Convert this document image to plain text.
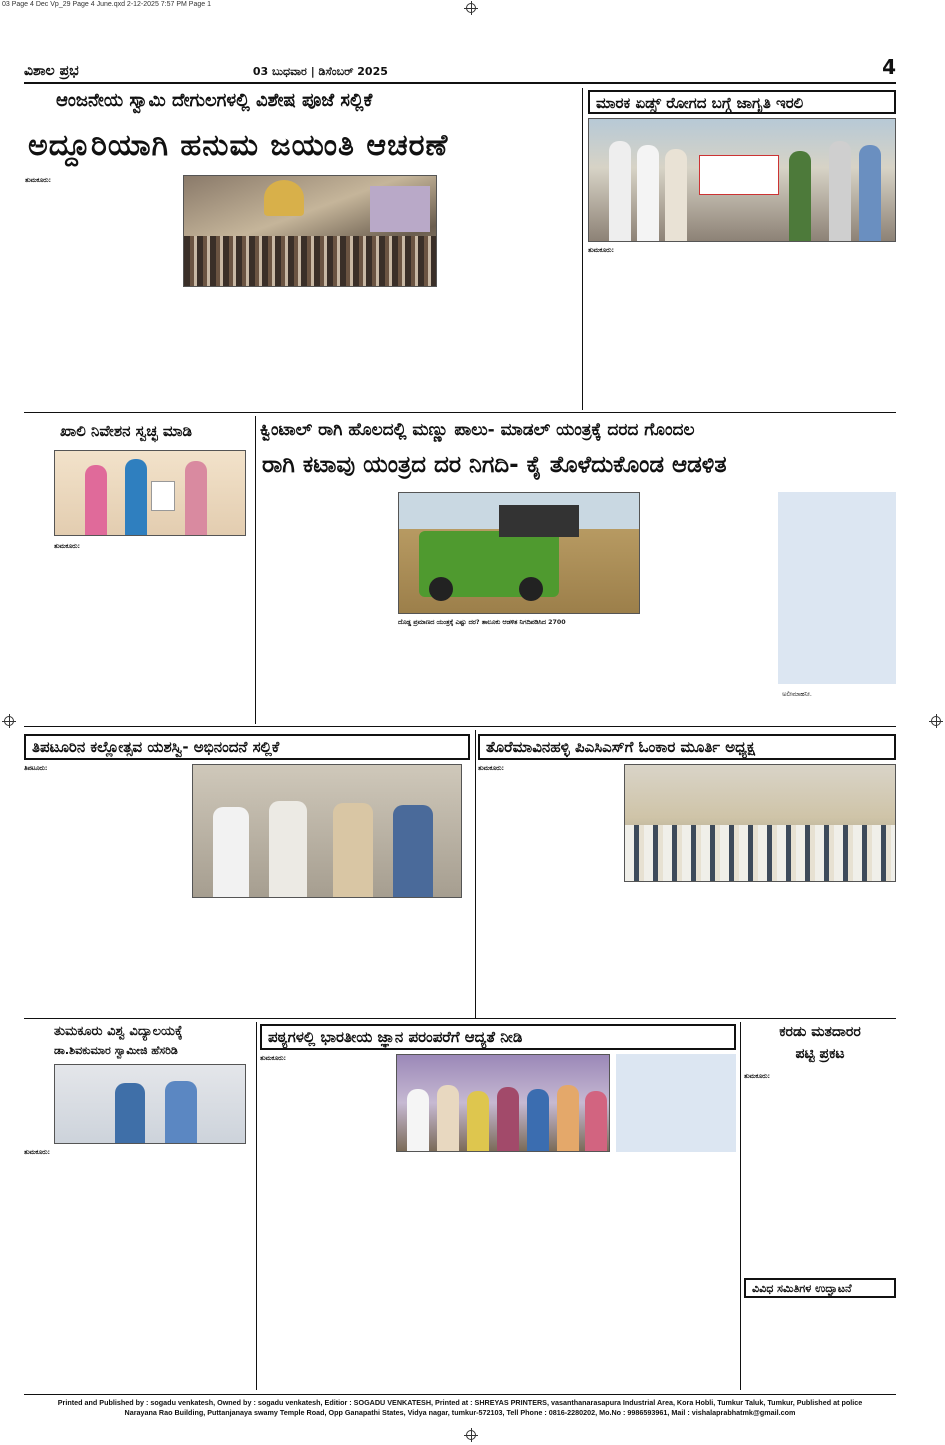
03 Page 4 Dec Vp_29 Page 4 June.qxd 2-12-2025 7:57 PM Page 1
ವಿಶಾಲ ಪ್ರಭ	03 ಬುಧವಾರ | ಡಿಸೆಂಬರ್ 2025	4
ಆಂಜನೇಯ ಸ್ವಾಮಿ ದೇಗುಲಗಳಲ್ಲಿ ವಿಶೇಷ ಪೂಜೆ ಸಲ್ಲಿಕೆ
ಅದ್ದೂರಿಯಾಗಿ ಹನುಮ ಜಯಂತಿ ಆಚರಣೆ
ತುಮಕೂರು:
ಮಾರಕ ಏಡ್ಸ್ ರೋಗದ ಬಗ್ಗೆ ಜಾಗೃತಿ ಇರಲಿ
ತುಮಕೂರು:
ಖಾಲಿ ನಿವೇಶನ ಸ್ವಚ್ಛ ಮಾಡಿ
ತುಮಕೂರು:
ಕ್ವಿಂಟಾಲ್ ರಾಗಿ ಹೊಲದಲ್ಲಿ ಮಣ್ಣು ಪಾಲು- ಮಾಡಲ್ ಯಂತ್ರಕ್ಕೆ ದರದ ಗೊಂದಲ
ರಾಗಿ ಕಟಾವು ಯಂತ್ರದ ದರ ನಿಗದಿ- ಕೈ ತೊಳೆದುಕೊಂಡ ಆಡಳಿತ
ದೊಡ್ಡ ಪ್ರಮಾಣದ ಯಂತ್ರಕ್ಕೆ ಎಷ್ಟು ದರ? ತಾಲೂಕು ಆಡಳಿತ ನಿಗದಿಪಡಿಸಿದ 2700
ಅಲೀಮಾಹನೀ.
ತಿಪಟೂರಿನ ಕಲ್ಲೋತ್ಸವ ಯಶಸ್ವಿ- ಅಭಿನಂದನೆ ಸಲ್ಲಿಕೆ
ತಿಪಟೂರು:
ತೊರೆಮಾವಿನಹಳ್ಳಿ ಪಿಎಸಿಎಸ್‌ಗೆ ಓಂಕಾರ ಮೂರ್ತಿ ಅಧ್ಯಕ್ಷ
ತುಮಕೂರು:
ತುಮಕೂರು ವಿಶ್ವ ವಿದ್ಯಾಲಯಕ್ಕೆ
ಡಾ.ಶಿವಕುಮಾರ ಸ್ವಾಮೀಜಿ ಹೆಸರಿಡಿ
ತುಮಕೂರು:
ಪಠ್ಯಗಳಲ್ಲಿ ಭಾರತೀಯ ಜ್ಞಾನ ಪರಂಪರೆಗೆ ಆದ್ಯತೆ ನೀಡಿ
ತುಮಕೂರು:
ಕರಡು ಮತದಾರರ
ಪಟ್ಟಿ ಪ್ರಕಟ
ತುಮಕೂರು:
ವಿವಿಧ ಸಮಿತಿಗಳ ಉದ್ಘಾಟನೆ
Printed and Published by : sogadu venkatesh, Owned by : sogadu venkatesh, Editior : SOGADU VENKATESH, Printed at : SHREYAS PRINTERS, vasanthanarasapura Industrial Area, Kora Hobli, Tumkur Taluk, Tumkur, Published at police
Narayana Rao Building, Puttanjanaya swamy Temple Road, Opp Ganapathi States, Vidya nagar, tumkur-572103, Tell Phone : 0816-2280202, Mo.No : 9986593961, Mail : vishalaprabhatmk@gmail.com
